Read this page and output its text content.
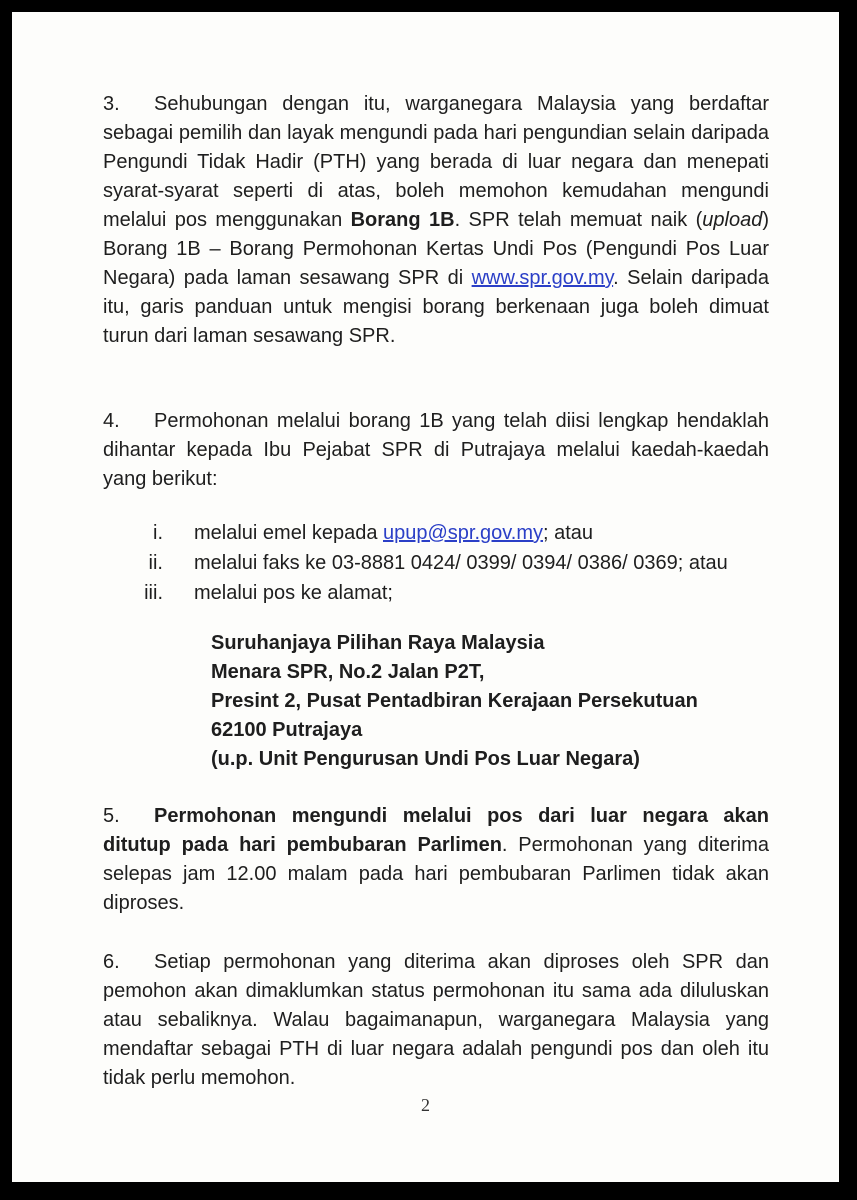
3. Sehubungan dengan itu, warganegara Malaysia yang berdaftar sebagai pemilih dan layak mengundi pada hari pengundian selain daripada Pengundi Tidak Hadir (PTH) yang berada di luar negara dan menepati syarat-syarat seperti di atas, boleh memohon kemudahan mengundi melalui pos menggunakan Borang 1B. SPR telah memuat naik (upload) Borang 1B – Borang Permohonan Kertas Undi Pos (Pengundi Pos Luar Negara) pada laman sesawang SPR di www.spr.gov.my. Selain daripada itu, garis panduan untuk mengisi borang berkenaan juga boleh dimuat turun dari laman sesawang SPR.

4. Permohonan melalui borang 1B yang telah diisi lengkap hendaklah dihantar kepada Ibu Pejabat SPR di Putrajaya melalui kaedah-kaedah yang berikut:

i. melalui emel kepada upup@spr.gov.my; atau
ii. melalui faks ke 03-8881 0424/ 0399/ 0394/ 0386/ 0369; atau
iii. melalui pos ke alamat;
Suruhanjaya Pilihan Raya Malaysia
Menara SPR, No.2 Jalan P2T,
Presint 2, Pusat Pentadbiran Kerajaan Persekutuan
62100 Putrajaya
(u.p. Unit Pengurusan Undi Pos Luar Negara)

5. Permohonan mengundi melalui pos dari luar negara akan ditutup pada hari pembubaran Parlimen. Permohonan yang diterima selepas jam 12.00 malam pada hari pembubaran Parlimen tidak akan diproses.

6. Setiap permohonan yang diterima akan diproses oleh SPR dan pemohon akan dimaklumkan status permohonan itu sama ada diluluskan atau sebaliknya. Walau bagaimanapun, warganegara Malaysia yang mendaftar sebagai PTH di luar negara adalah pengundi pos dan oleh itu tidak perlu memohon.

2
